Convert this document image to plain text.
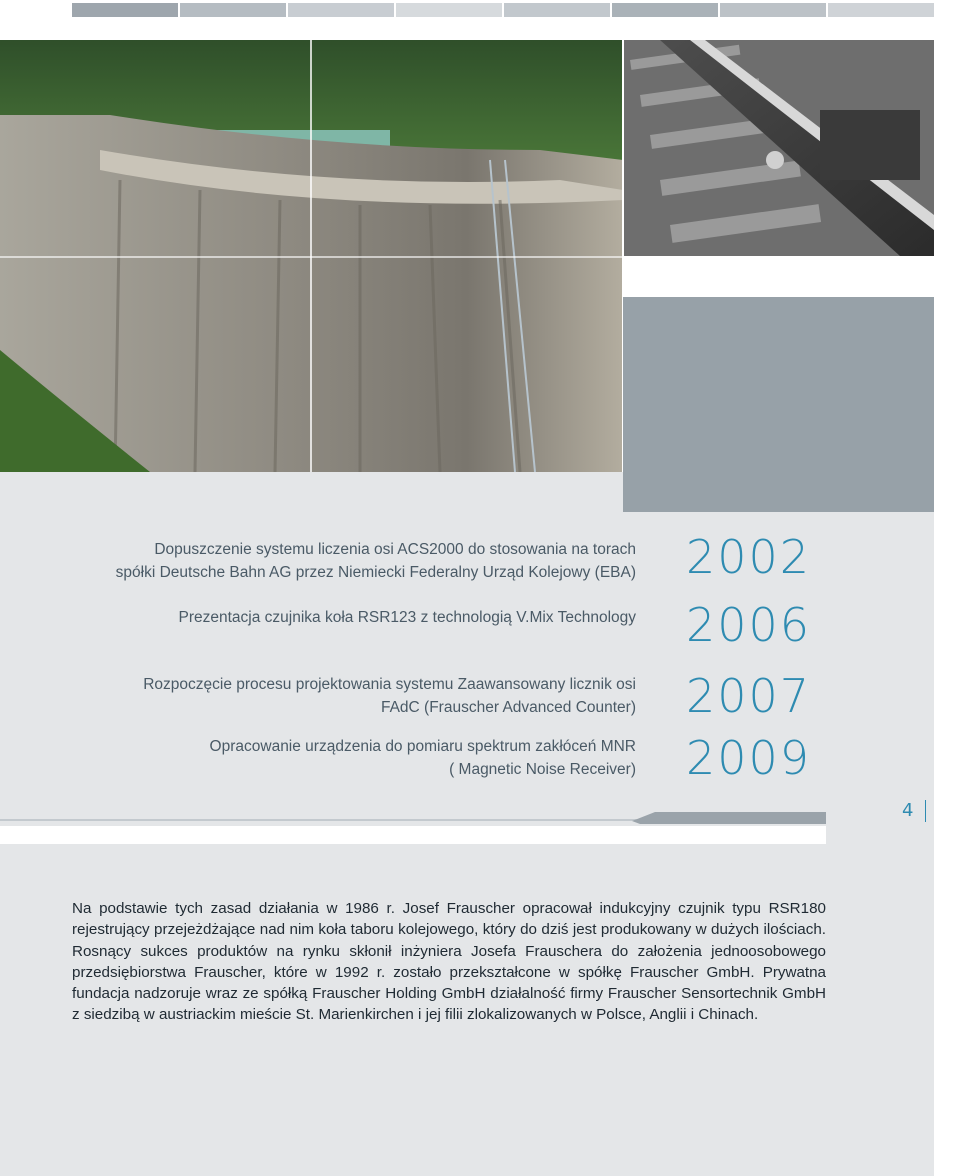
Dopuszczenie systemu liczenia osi ACS2000 do stosowania na torach
spółki Deutsche Bahn AG przez Niemiecki Federalny Urząd Kolejowy (EBA) 2002
Prezentacja czujnika koła RSR123 z technologią V.Mix Technology 2006
Rozpoczęcie procesu projektowania systemu Zaawansowany licznik osi
FAdC (Frauscher Advanced Counter) 2007
Opracowanie urządzenia do pomiaru spektrum zakłóceń MNR
( Magnetic Noise Receiver) 2009
4
Na podstawie tych zasad działania w 1986 r. Josef Frauscher opracował indukcyjny czujnik typu RSR180 rejestrujący przejeżdżające nad nim koła taboru kolejowego, który do dziś jest produkowany w dużych ilościach. Rosnący sukces produktów na rynku skłonił inżyniera Josefa Frauschera do założenia jednoosobowego przedsiębiorstwa Frauscher, które w 1992 r. zostało przekształcone w spółkę Frauscher GmbH. Prywatna fundacja nadzoruje wraz ze spółką Frauscher Holding GmbH działalność firmy Frauscher Sensortechnik GmbH z siedzibą w austriackim mieście St. Marienkirchen i jej filii zlokalizowanych w Polsce, Anglii i Chinach.
